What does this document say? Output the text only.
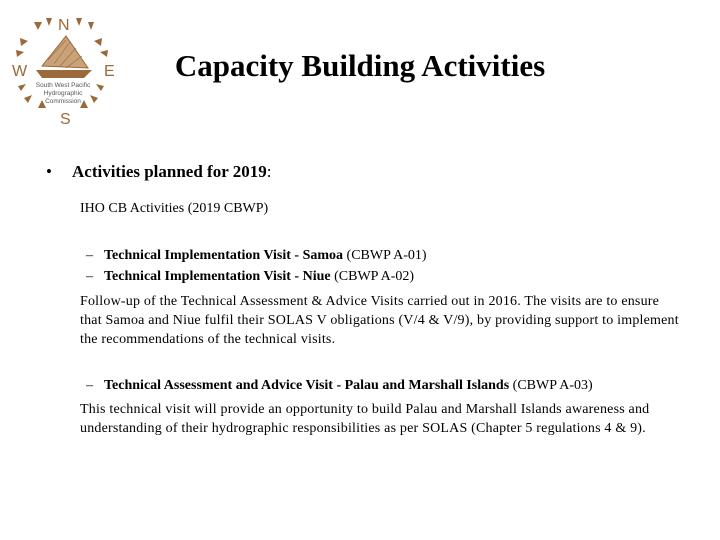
N
E
S
W
South West Pacific
Hydrographic
Commission
Capacity Building Activities
• Activities planned for 2019:
IHO CB Activities (2019 CBWP)
– Technical Implementation Visit - Samoa (CBWP A-01)
– Technical Implementation Visit - Niue (CBWP A-02)
Follow-up of the Technical Assessment & Advice Visits carried out in 2016. The visits are to ensure that Samoa and Niue fulfil their SOLAS V obligations (V/4 & V/9), by providing support to implement the recommendations of the technical visits.
– Technical Assessment and Advice Visit - Palau and Marshall Islands (CBWP A-03)
This technical visit will provide an opportunity to build Palau and Marshall Islands awareness and understanding of their hydrographic responsibilities as per SOLAS (Chapter 5 regulations 4 & 9).
